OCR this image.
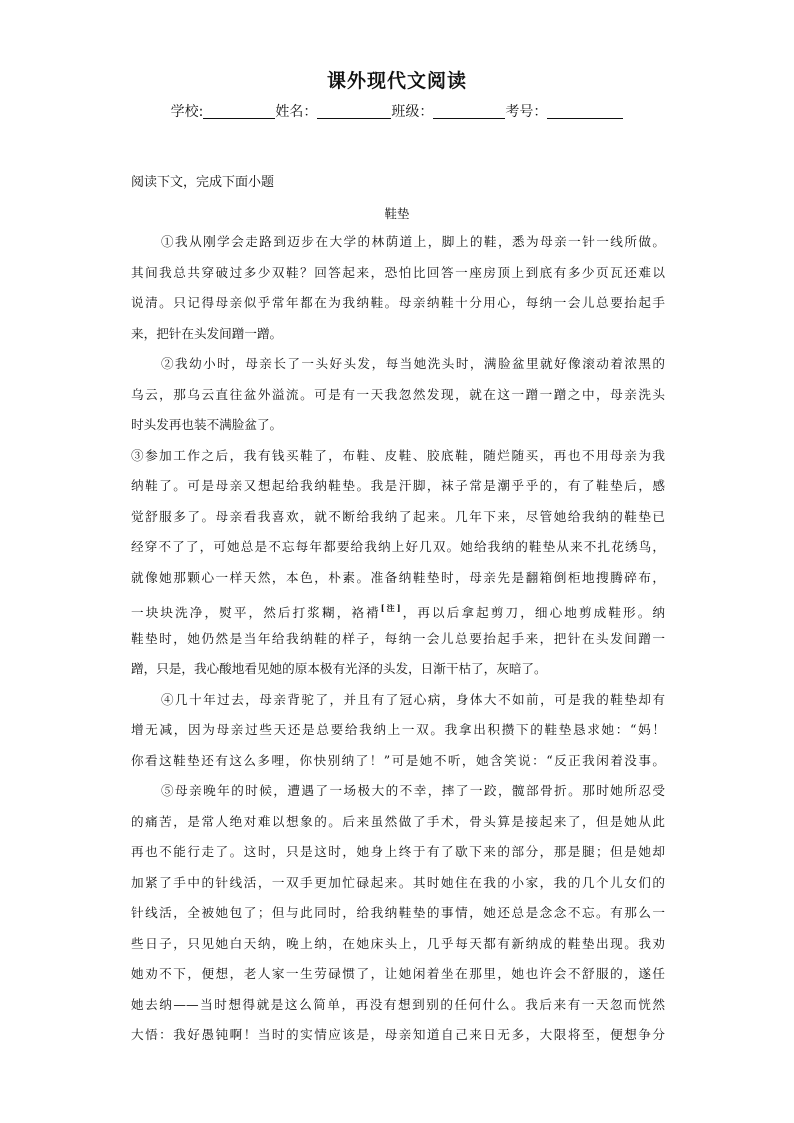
课外现代文阅读
学校:	姓名：	班级：	考号：
阅读下文，完成下面小题
鞋垫
①我从刚学会走路到迈步在大学的林荫道上，脚上的鞋，悉为母亲一针一线所做。
其间我总共穿破过多少双鞋？回答起来，恐怕比回答一座房顶上到底有多少页瓦还难以
说清。只记得母亲似乎常年都在为我纳鞋。母亲纳鞋十分用心，每纳一会儿总要抬起手
来，把针在头发间蹭一蹭。
②我幼小时，母亲长了一头好头发，每当她洗头时，满脸盆里就好像滚动着浓黑的
乌云，那乌云直往盆外溢流。可是有一天我忽然发现，就在这一蹭一蹭之中，母亲洗头
时头发再也装不满脸盆了。
③参加工作之后，我有钱买鞋了，布鞋、皮鞋、胶底鞋，随烂随买，再也不用母亲为我
纳鞋了。可是母亲又想起给我纳鞋垫。我是汗脚，袜子常是潮乎乎的，有了鞋垫后，感
觉舒服多了。母亲看我喜欢，就不断给我纳了起来。几年下来，尽管她给我纳的鞋垫已
经穿不了了，可她总是不忘每年都要给我纳上好几双。她给我纳的鞋垫从来不扎花绣鸟，
就像她那颗心一样天然，本色，朴素。准备纳鞋垫时，母亲先是翻箱倒柜地搜腾碎布，
一块块洗净，熨平，然后打浆糊，袼褙[注]，再以后拿起剪刀，细心地剪成鞋形。纳
鞋垫时，她仍然是当年给我纳鞋的样子，每纳一会儿总要抬起手来，把针在头发间蹭一
蹭，只是，我心酸地看见她的原本极有光泽的头发，日渐干枯了，灰暗了。
④几十年过去，母亲背驼了，并且有了冠心病，身体大不如前，可是我的鞋垫却有
增无减，因为母亲过些天还是总要给我纳上一双。我拿出积攒下的鞋垫恳求她：“妈！
你看这鞋垫还有这么多哩，你快别纳了！”可是她不听，她含笑说：“反正我闲着没事。
⑤母亲晚年的时候，遭遇了一场极大的不幸，摔了一跤，髋部骨折。那时她所忍受
的痛苦，是常人绝对难以想象的。后来虽然做了手术，骨头算是接起来了，但是她从此
再也不能行走了。这时，只是这时，她身上终于有了歇下来的部分，那是腿；但是她却
加紧了手中的针线活，一双手更加忙碌起来。其时她住在我的小家，我的几个儿女们的
针线活，全被她包了；但与此同时，给我纳鞋垫的事情，她还总是念念不忘。有那么一
些日子，只见她白天纳，晚上纳，在她床头上，几乎每天都有新纳成的鞋垫出现。我劝
她劝不下，便想，老人家一生劳碌惯了，让她闲着坐在那里，她也许会不舒服的，遂任
她去纳——当时想得就是这么简单，再没有想到别的任何什么。我后来有一天忽而恍然
大悟：我好愚钝啊！当时的实情应该是，母亲知道自己来日无多，大限将至，便想争分
